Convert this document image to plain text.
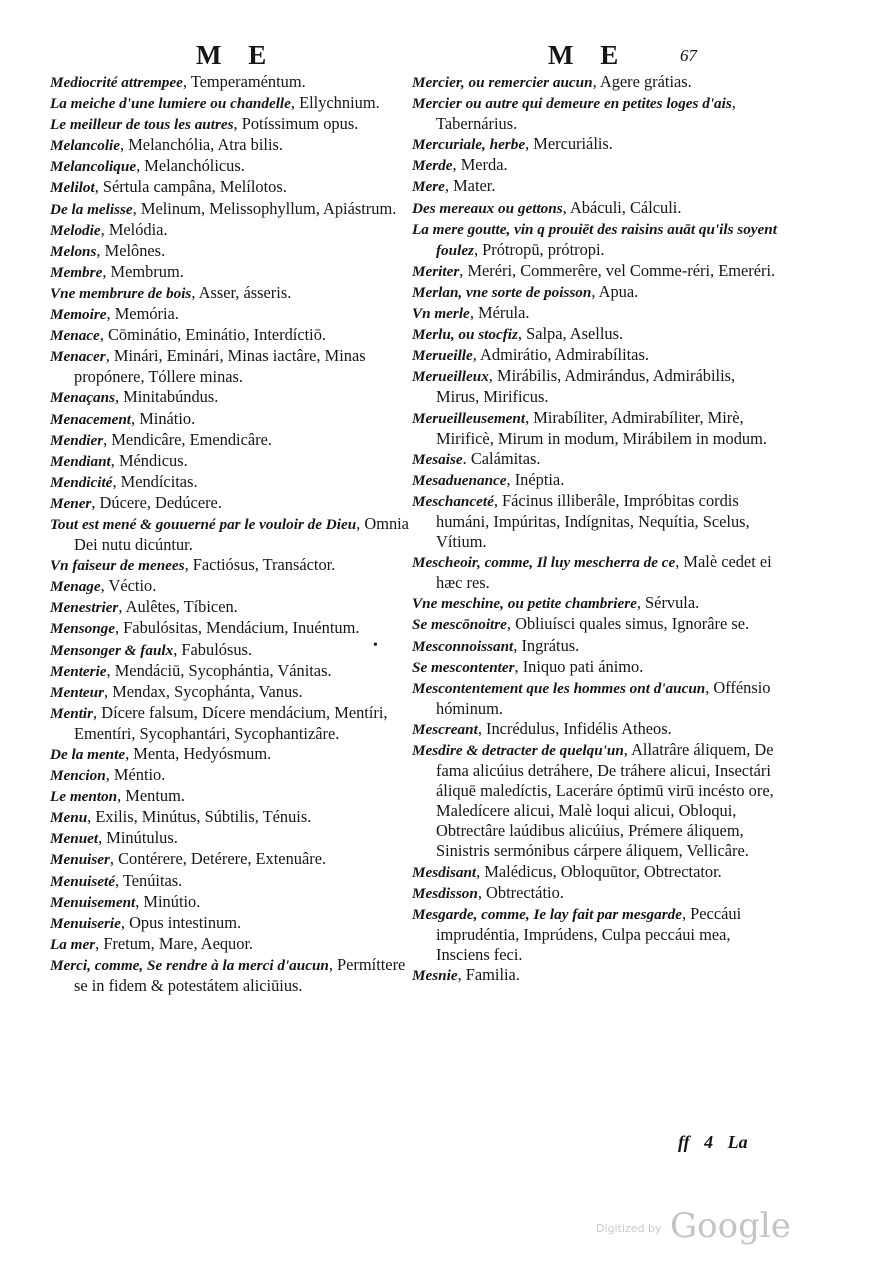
M E	M E	67
Mediocrité attrempee, Temperaméntum.
La meiche d'une lumiere ou chandelle, Ellychnium.
Le meilleur de tous les autres, Potíssimum opus.
Melancolie, Melanchólia, Atra bilis.
Melancolique, Melanchólicus.
Melilot, Sértula campâna, Melílotos.
De la melisse, Melinum, Melissophyllum, Apiástrum.
Melodie, Melódia.
Melons, Melônes.
Membre, Membrum.
Vne membrure de bois, Asser, ásseris.
Memoire, Memória.
Menace, Cōminátio, Eminátio, Interdíctiō.
Menacer, Minári, Eminári, Minas iactâre, Minas propónere, Tóllere minas.
Menaçans, Minitabúndus.
Menacement, Minátio.
Mendier, Mendicâre, Emendicâre.
Mendiant, Méndicus.
Mendicité, Mendícitas.
Mener, Dúcere, Dedúcere.
Tout est mené & gouuerné par le vouloir de Dieu, Omnia Dei nutu dicúntur.
Vn faiseur de menees, Factiósus, Transáctor.
Menage, Véctio.
Menestrier, Aulêtes, Tíbicen.
Mensonge, Fabulósitas, Mendácium, Inuéntum.
Mensonger & faulx, Fabulósus.
Menterie, Mendáciū, Sycophántia, Vánitas.
Menteur, Mendax, Sycophánta, Vanus.
Mentir, Dícere falsum, Dícere mendácium, Mentíri, Ementíri, Sycophantári, Sycophantizâre.
De la mente, Menta, Hedyósmum.
Mencion, Méntio.
Le menton, Mentum.
Menu, Exilis, Minútus, Súbtilis, Ténuis.
Menuet, Minútulus.
Menuiser, Contérere, Detérere, Extenuâre.
Menuiseté, Tenúitas.
Menuisement, Minútio.
Menuiserie, Opus intestinum.
La mer, Fretum, Mare, Aequor.
Merci, comme, Se rendre à la merci d'aucun, Permíttere se in fidem & potestátem aliciūius.
Mercier, ou remercier aucun, Agere grátias.
Mercier ou autre qui demeure en petites loges d'ais, Tabernárius.
Mercuriale, herbe, Mercuriális.
Merde, Merda.
Mere, Mater.
Des mereaux ou gettons, Abáculi, Cálculi.
La mere goutte, vin q prouiēt des raisins auāt qu'ils soyent foulez, Prótropū, prótropi.
Meriter, Meréri, Commerêre, vel Comme-réri, Emeréri.
Merlan, vne sorte de poisson, Apua.
Vn merle, Mérula.
Merlu, ou stocfiz, Salpa, Asellus.
Merueille, Admirátio, Admirabílitas.
Merueilleux, Mirábilis, Admirándus, Admirábilis, Mirus, Mirificus.
Merueilleusement, Mirabíliter, Admirabíliter, Mirè, Mirificè, Mirum in modum, Mirábilem in modum.
Mesaise. Calámitas.
Mesaduenance, Inéptia.
Meschanceté, Fácinus illiberâle, Impróbitas cordis humáni, Impúritas, Indígnitas, Nequítia, Scelus, Vítium.
Mescheoir, comme, Il luy mescherra de ce, Malè cedet ei hæc res.
Vne meschine, ou petite chambriere, Sérvula.
Se mescōnoitre, Obliuísci quales simus, Ignorâre se.
•	Mesconnoissant, Ingrátus.
Se mescontenter, Iniquo pati ánimo.
Mescontentement que les hommes ont d'aucun, Offénsio hóminum.
Mescreant, Incrédulus, Infidélis Atheos.
Mesdire & detracter de quelqu'un, Allatrâre áliquem, De fama alicúius detráhere, De tráhere alicui, Insectári áliquē maledíctis, Laceráre óptimū virū incésto ore, Maledícere alicui, Malè loqui alicui, Obloqui, Obtrectâre laúdibus alicúius, Prémere áliquem, Sinistris sermónibus cárpere áliquem, Vellicâre.
Mesdisant, Malédicus, Obloquūtor, Obtrectator.
Mesdisson, Obtrectátio.
Mesgarde, comme, Ie lay fait par mesgarde, Peccáui imprudéntia, Imprúdens, Culpa peccáui mea, Insciens feci.
Mesnie, Familia.
ff 4 La
Digitized by Google
